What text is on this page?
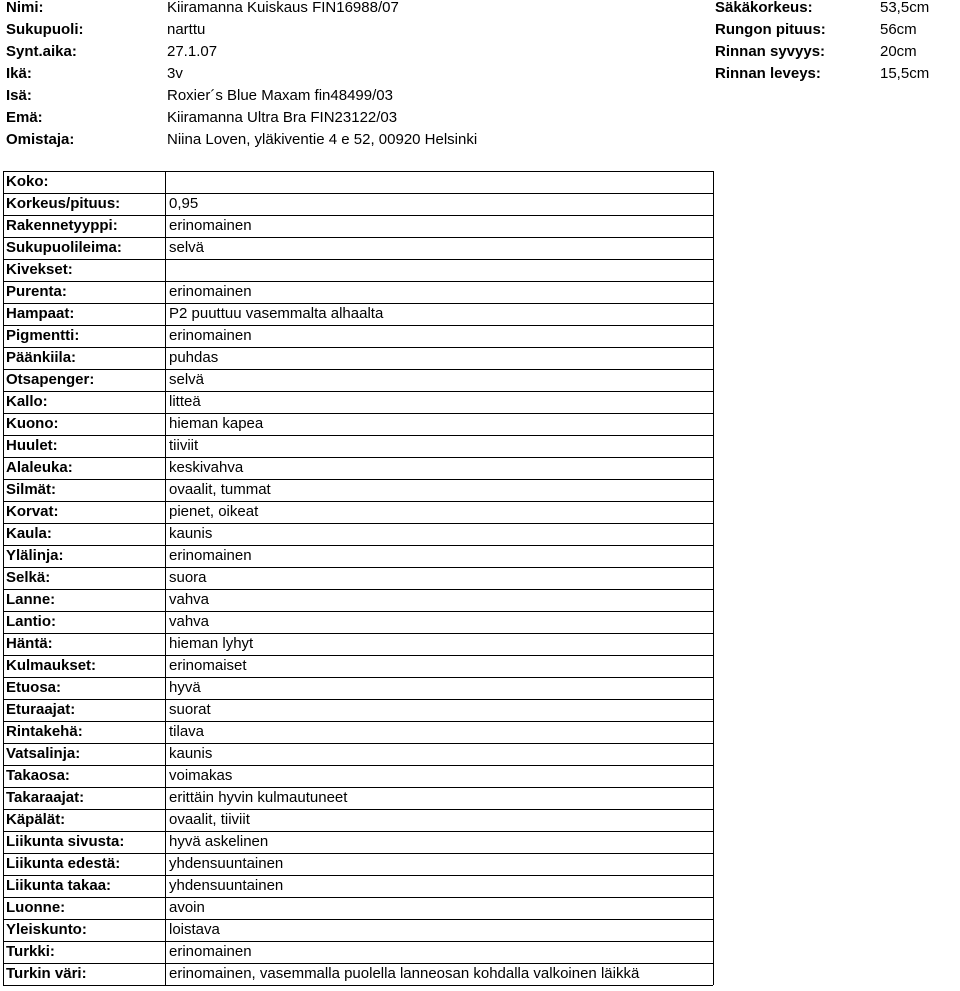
Nimi:	Kiiramanna Kuiskaus FIN16988/07
Sukupuoli:	narttu
Synt.aika:	27.1.07
Ikä:	3v
Isä:	Roxier´s Blue Maxam fin48499/03
Emä:	Kiiramanna Ultra Bra FIN23122/03
Omistaja:	Niina Loven, yläkiventie 4 e 52, 00920 Helsinki
Säkäkorkeus:	53,5cm
Rungon pituus:	56cm
Rinnan syvyys:	20cm
Rinnan leveys:	15,5cm
Koko:
Korkeus/pituus:	0,95
Rakennetyyppi:	erinomainen
Sukupuolileima:	selvä
Kivekset:
Purenta:	erinomainen
Hampaat:	P2 puuttuu vasemmalta alhaalta
Pigmentti:	erinomainen
Päänkiila:	puhdas
Otsapenger:	selvä
Kallo:	litteä
Kuono:	hieman kapea
Huulet:	tiiviit
Alaleuka:	keskivahva
Silmät:	ovaalit, tummat
Korvat:	pienet, oikeat
Kaula:	kaunis
Ylälinja:	erinomainen
Selkä:	suora
Lanne:	vahva
Lantio:	vahva
Häntä:	hieman lyhyt
Kulmaukset:	erinomaiset
Etuosa:	hyvä
Eturaajat:	suorat
Rintakehä:	tilava
Vatsalinja:	kaunis
Takaosa:	voimakas
Takaraajat:	erittäin hyvin kulmautuneet
Käpälät:	ovaalit, tiiviit
Liikunta sivusta:	hyvä askelinen
Liikunta edestä:	yhdensuuntainen
Liikunta takaa:	yhdensuuntainen
Luonne:	avoin
Yleiskunto:	loistava
Turkki:	erinomainen
Turkin väri:	erinomainen, vasemmalla puolella lanneosan kohdalla valkoinen läikkä
